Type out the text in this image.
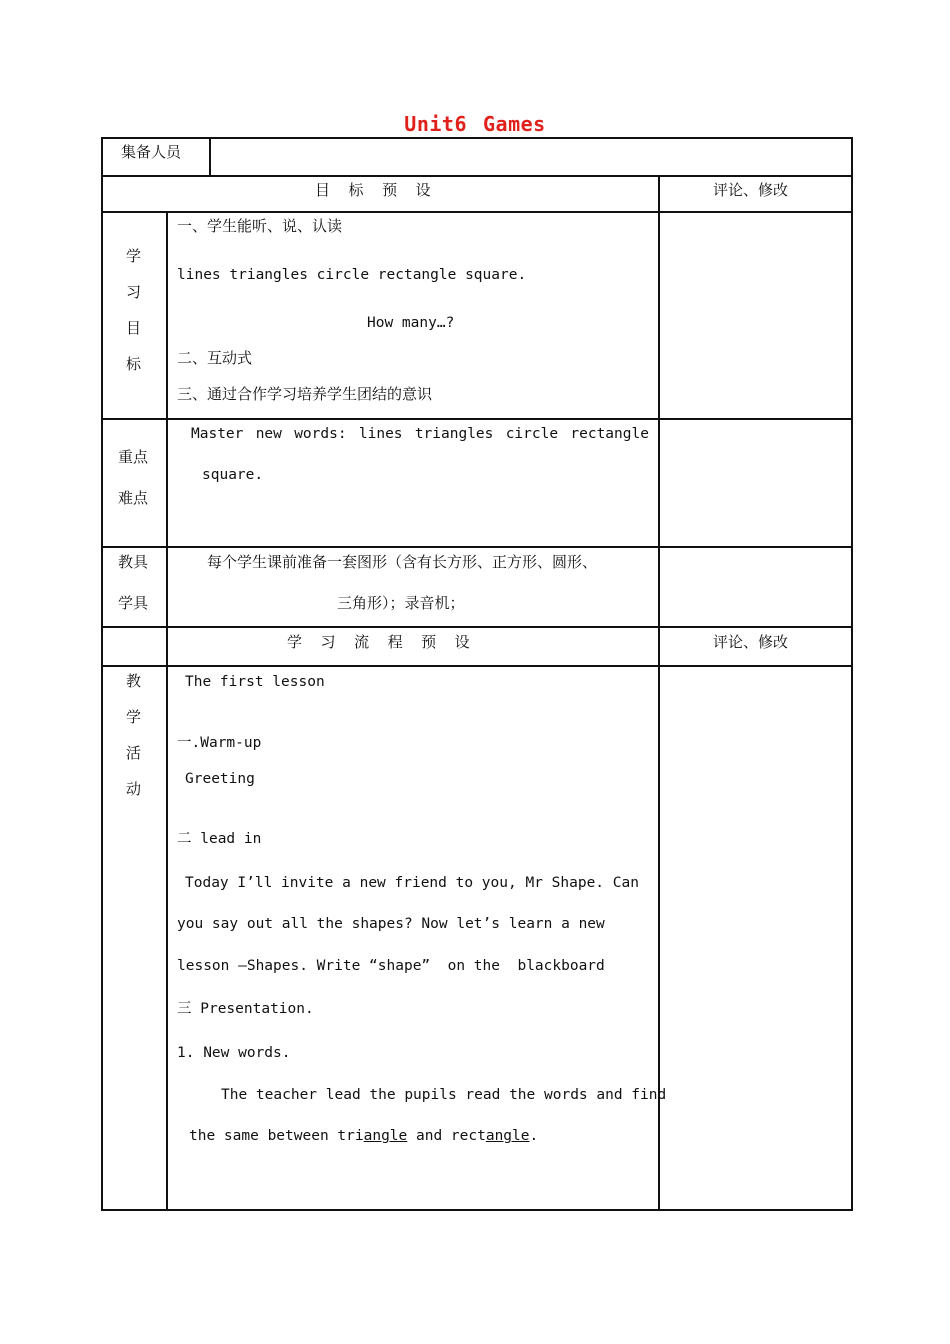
Unit6 Games
集备人员
目  标  预  设	评论、修改
学
习
目
标
一、学生能听、说、认读
lines triangles circle rectangle square.
How many…?
二、互动式
三、通过合作学习培养学生团结的意识
重点
难点
Master new words: lines triangles circle rectangle
square.
教具
学具
每个学生课前准备一套图形（含有长方形、正方形、圆形、
三角形）；录音机；
学  习  流  程  预  设	评论、修改
教
学
活
动
The first lesson
一.Warm-up
Greeting
二 lead in
Today I’ll invite a new friend to you, Mr Shape. Can
you say out all the shapes? Now let’s learn a new
lesson –Shapes. Write “shape”  on the  blackboard
三 Presentation.
1. New words.
The teacher lead the pupils read the words and find
the same between triangle and rectangle.
